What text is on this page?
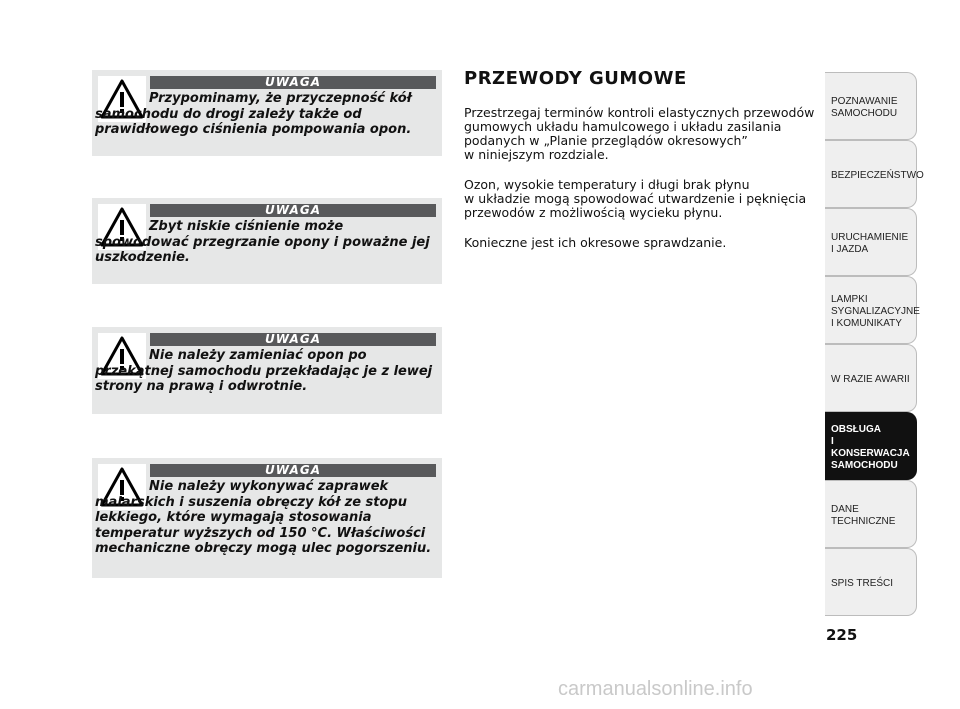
UWAGA
Przypominamy, że przyczepność kół samochodu do drogi zależy także od prawidłowego ciśnienia pompowania opon.
UWAGA
Zbyt niskie ciśnienie może spowodować przegrzanie opony i poważne jej uszkodzenie.
UWAGA
Nie należy zamieniać opon po przekątnej samochodu przekładając je z lewej strony na prawą i odwrotnie.
UWAGA
Nie należy wykonywać zaprawek malarskich i suszenia obręczy kół ze stopu lekkiego, które wymagają stosowania temperatur wyższych od 150 °C. Właściwości mechaniczne obręczy mogą ulec pogorszeniu.
PRZEWODY GUMOWE

Przestrzegaj terminów kontroli elastycznych przewodów
gumowych układu hamulcowego i układu zasilania
podanych w „Planie przeglądów okresowych”
w niniejszym rozdziale.

Ozon, wysokie temperatury i długi brak płynu
w układzie mogą spowodować utwardzenie i pęknięcia
przewodów z możliwością wycieku płynu.

Konieczne jest ich okresowe sprawdzanie.

POZNAWANIE
SAMOCHODU
BEZPIECZEŃSTWO
URUCHAMIENIE
I JAZDA
LAMPKI
SYGNALIZACYJNE
I KOMUNIKATY
W RAZIE AWARII
OBSŁUGA
I KONSERWACJA
SAMOCHODU
DANE TECHNICZNE
SPIS TREŚCI
225
carmanualsonline.info
